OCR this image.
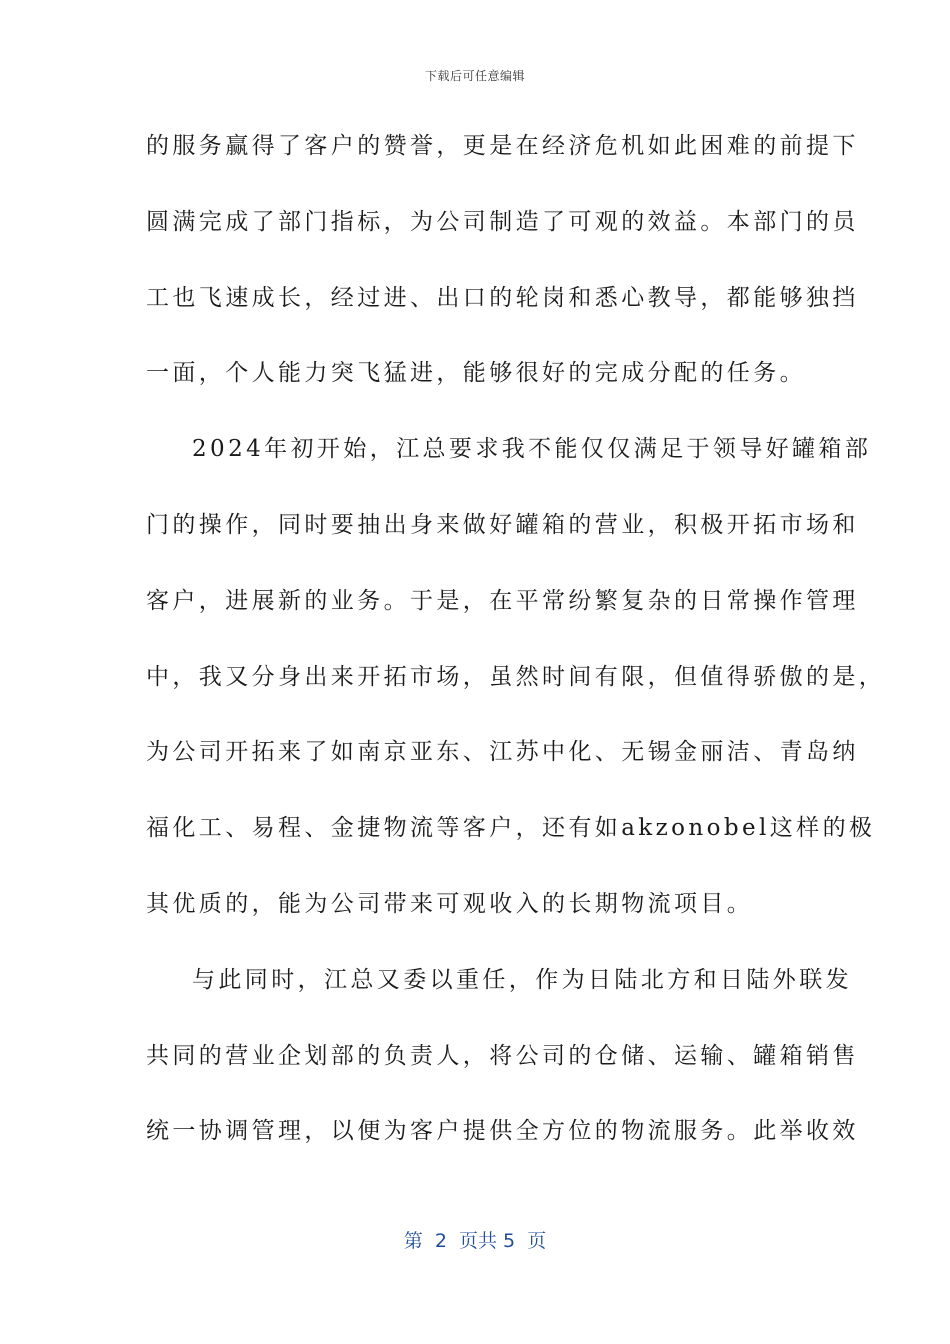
下载后可任意编辑
的服务赢得了客户的赞誉，更是在经济危机如此困难的前提下
圆满完成了部门指标，为公司制造了可观的效益。本部门的员
工也飞速成长，经过进、出口的轮岗和悉心教导，都能够独挡
一面，个人能力突飞猛进，能够很好的完成分配的任务。
2024年初开始，江总要求我不能仅仅满足于领导好罐箱部
门的操作，同时要抽出身来做好罐箱的营业，积极开拓市场和
客户，进展新的业务。于是，在平常纷繁复杂的日常操作管理
中，我又分身出来开拓市场，虽然时间有限，但值得骄傲的是，
为公司开拓来了如南京亚东、江苏中化、无锡金丽洁、青岛纳
福化工、易程、金捷物流等客户，还有如akzonobel这样的极
其优质的，能为公司带来可观收入的长期物流项目。
与此同时，江总又委以重任，作为日陆北方和日陆外联发
共同的营业企划部的负责人，将公司的仓储、运输、罐箱销售
统一协调管理，以便为客户提供全方位的物流服务。此举收效
第  2  页共 5  页
